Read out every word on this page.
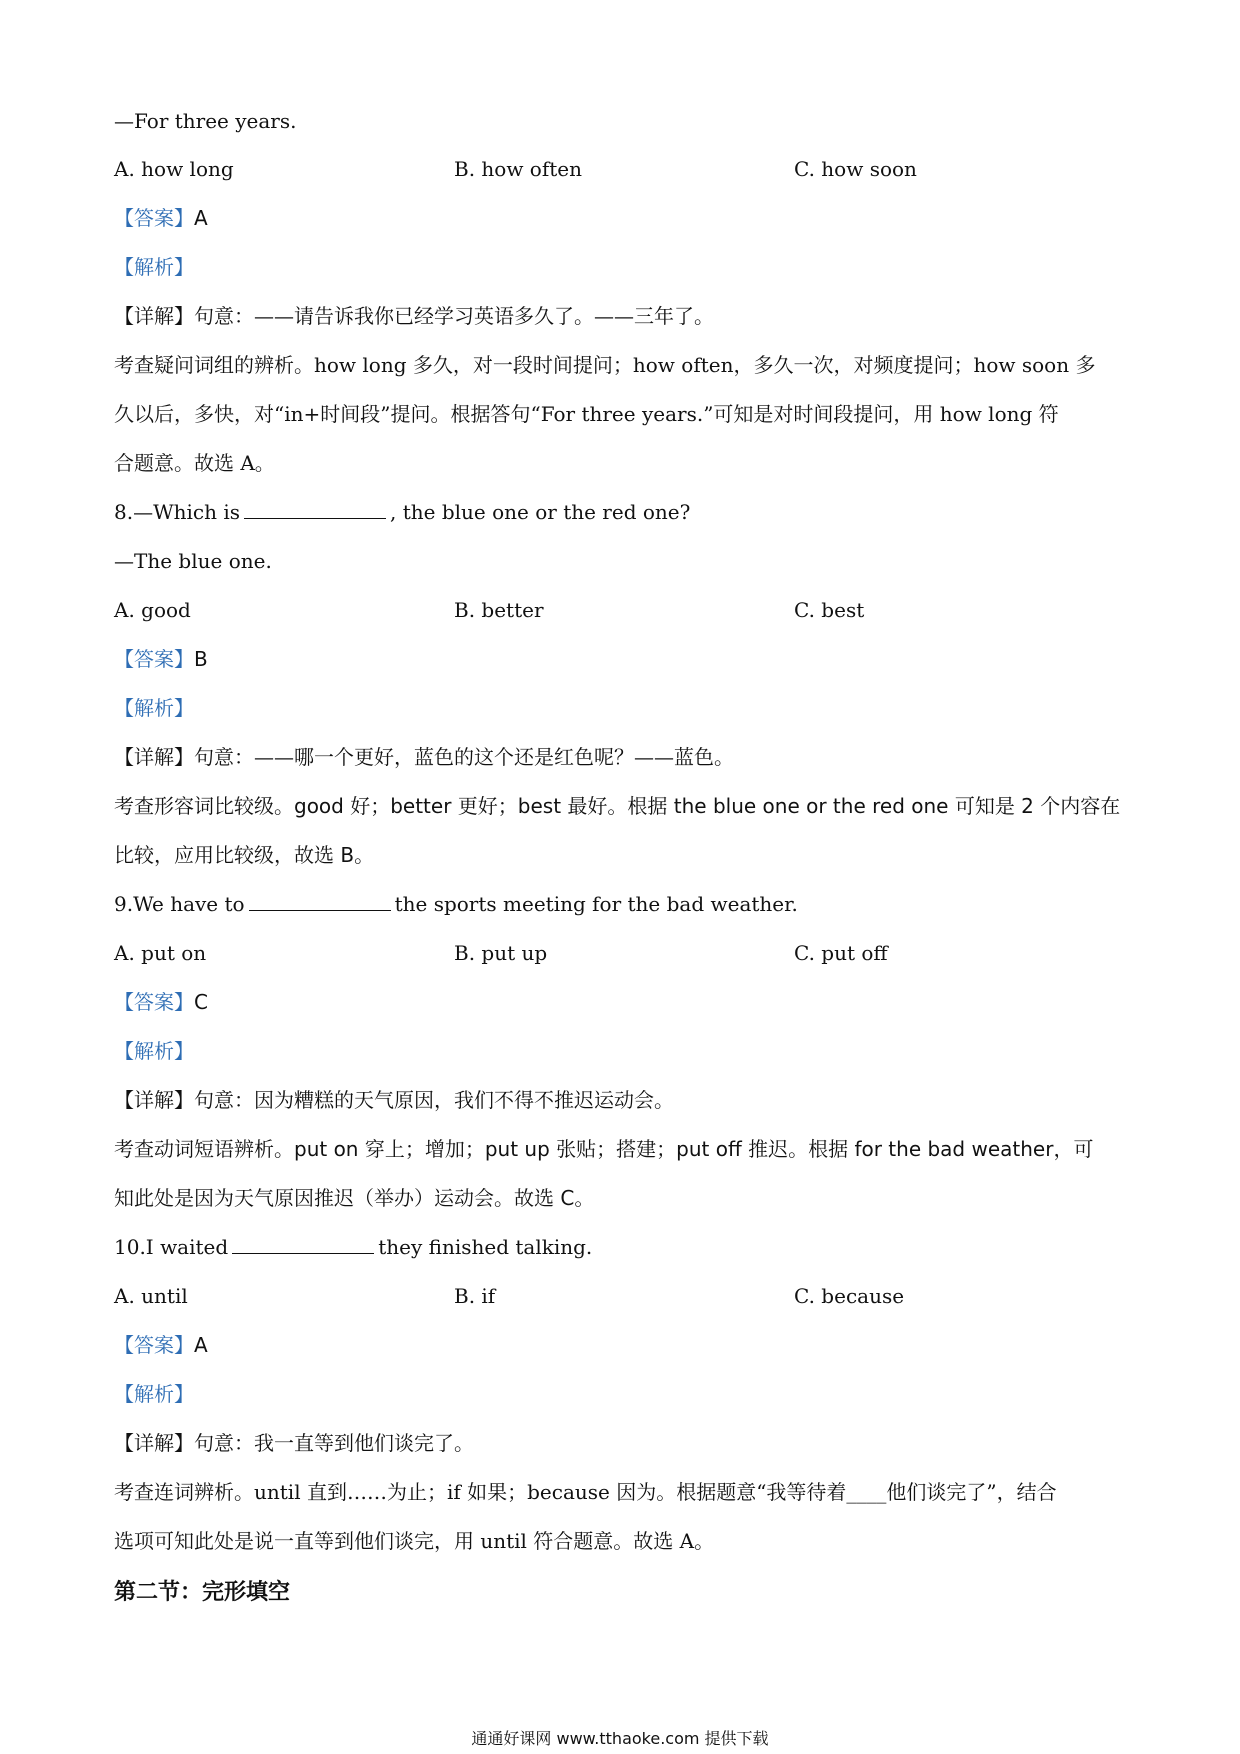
—For three years.
A. how long	B. how often	C. how soon
【答案】A
【解析】
【详解】句意：——请告诉我你已经学习英语多久了。——三年了。
考查疑问词组的辨析。how long 多久，对一段时间提问；how often，多久一次，对频度提问；how soon 多
久以后，多快，对“in+时间段”提问。根据答句“For three years.”可知是对时间段提问，用 how long 符
合题意。故选 A。
8.—Which is	, the blue one or the red one?
—The blue one.
A. good	B. better	C. best
【答案】B
【解析】
【详解】句意：——哪一个更好，蓝色的这个还是红色呢？——蓝色。
考查形容词比较级。good 好；better 更好；best 最好。根据 the blue one or the red one 可知是 2 个内容在
比较，应用比较级，故选 B。
9.We have to	the sports meeting for the bad weather.
A. put on	B. put up	C. put off
【答案】C
【解析】
【详解】句意：因为糟糕的天气原因，我们不得不推迟运动会。
考查动词短语辨析。put on 穿上；增加；put up 张贴；搭建；put off 推迟。根据 for the bad weather，可
知此处是因为天气原因推迟（举办）运动会。故选 C。
10.I waited	they finished talking.
A. until	B. if	C. because
【答案】A
【解析】
【详解】句意：我一直等到他们谈完了。
考查连词辨析。until 直到……为止；if 如果；because 因为。根据题意“我等待着____他们谈完了”，结合
选项可知此处是说一直等到他们谈完，用 until 符合题意。故选 A。
第二节：完形填空
通通好课网 www.tthaoke.com 提供下载
